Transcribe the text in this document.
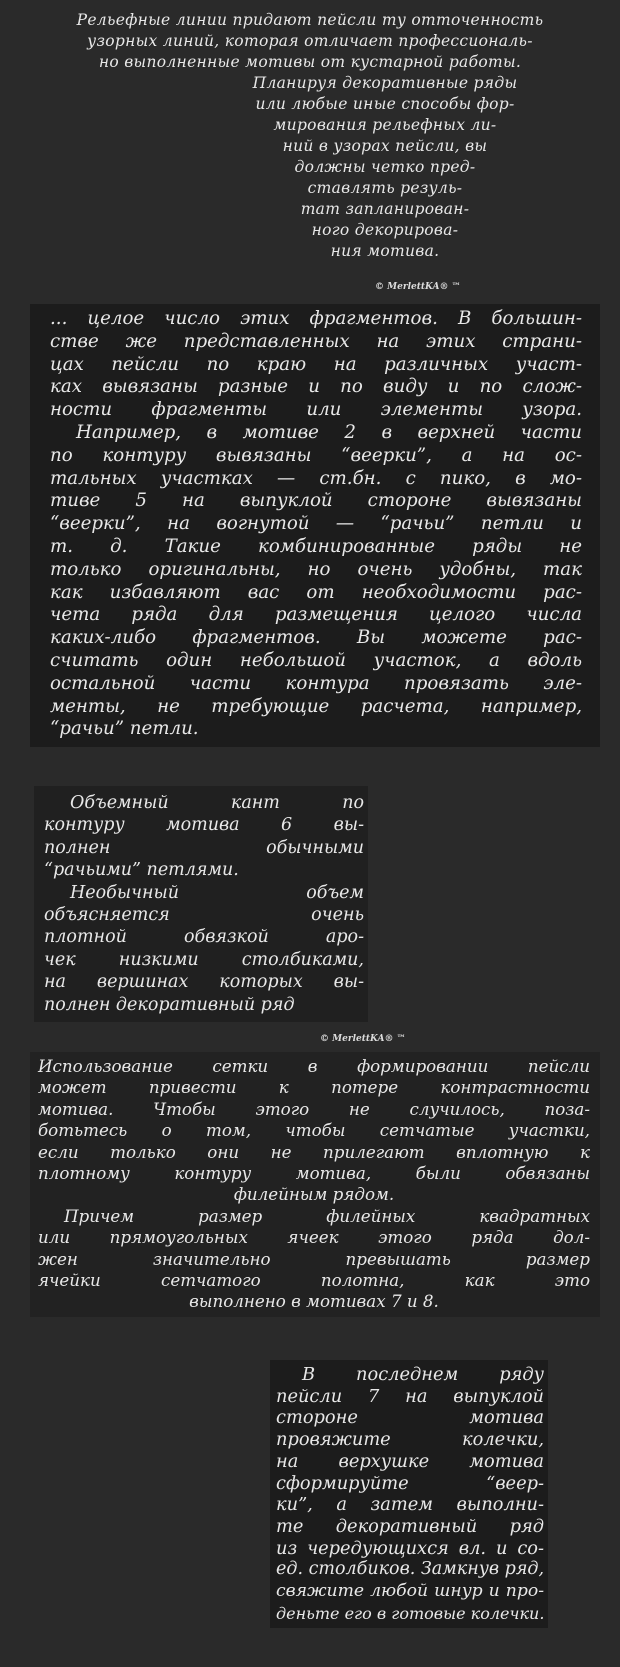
Рельефные линии придают пейсли ту отточенность
узорных линий, которая отличает профессиональ-
но выполненные мотивы от кустарной работы.
Планируя декоративные ряды
или любые иные способы фор-
мирования рельефных ли-
ний в узорах пейсли, вы
должны четко пред-
ставлять резуль-
тат запланирован-
ного декорирова-
ния мотива.
© MerlettKA® ™
... целое число этих фрагментов. В большин-
стве же представленных на этих страни-
цах пейсли по краю на различных участ-
ках вывязаны разные и по виду и по слож-
ности фрагменты или элементы узора.
Например, в мотиве 2 в верхней части
по контуру вывязаны “веерки”, а на ос-
тальных участках — ст.бн. с пико, в мо-
тиве 5 на выпуклой стороне вывязаны
“веерки”, на вогнутой — “рачьи” петли и
т. д. Такие комбинированные ряды не
только оригинальны, но очень удобны, так
как избавляют вас от необходимости рас-
чета ряда для размещения целого числа
каких-либо фрагментов. Вы можете рас-
считать один небольшой участок, а вдоль
остальной части контура провязать эле-
менты, не требующие расчета, например,
“рачьи” петли.
Объемный кант по
контуру мотива 6 вы-
полнен обычными
“рачьими” петлями.
Необычный объем
объясняется очень
плотной обвязкой аро-
чек низкими столбиками,
на вершинах которых вы-
полнен декоративный ряд
© MerlettKA® ™
Использование сетки в формировании пейсли
может привести к потере контрастности
мотива. Чтобы этого не случилось, поза-
ботьтесь о том, чтобы сетчатые участки,
если только они не прилегают вплотную к
плотному контуру мотива, были обвязаны
филейным рядом.
Причем размер филейных квадратных
или прямоугольных ячеек этого ряда дол-
жен значительно превышать размер
ячейки сетчатого полотна, как это
выполнено в мотивах 7 и 8.
В последнем ряду
пейсли 7 на выпуклой
стороне мотива
провяжите колечки,
на верхушке мотива
сформируйте “веер-
ки”, а затем выполни-
те декоративный ряд
из чередующихся вл. и со-
ед. столбиков. Замкнув ряд,
свяжите любой шнур и про-
деньте его в готовые колечки.
